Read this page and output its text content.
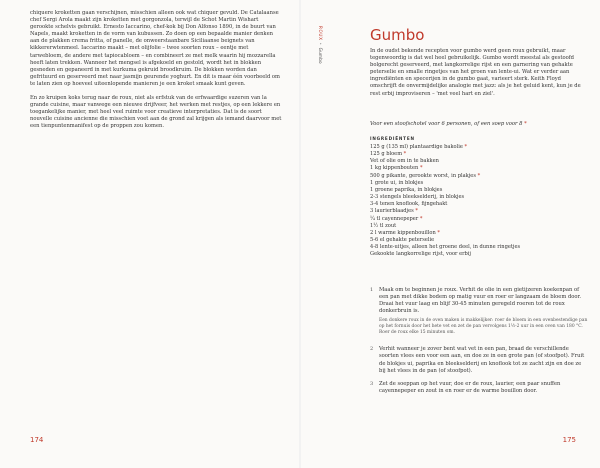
chiquere kroketten gaan verschijnen, misschien alleen ook wat chiquer gevuld. De Catalaanse chef Sergi Arola maakt zijn kroketten met gorgonzola, terwijl de Schot Martin Wishart gerookte schelvis gebruikt. Ernesto Iaccarino, chef-kok bij Don Alfonso 1890, in de buurt van Napels, maakt kroketten in de vorm van kubussen. Zo doen op een bepaalde manier denken aan de plakken crema fritta, of panelle, de onweerstaanbare Siciliaanse beignets van kikkererwtenmeel. Iaccarino maakt – met olijfolie – twee soorten roux – eentje met tarwebloem, de andere met tapiocabloem – en combineert ze met melk waarin hij mozzarella heeft laten trekken. Wanneer het mengsel is afgekoeld en gestold, wordt het in blokken gesneden en gepaneerd in met kurkuma gekruid broodkruim. De blokken worden dan gefrituurd en geserveerd met naar jasmijn geurende yoghurt. En dit is maar één voorbeeld om te laten zien op hoeveel uiteenlopende manieren je een kroket smaak kunt geven.

En zo kruipen koks terug naar de roux, niet als erfstuk van de erfwaardige suzeren van la grande cuisine, maar vanwege een nieuwe drijfveer, het werken met restjes, op een lekkere en toegankelijke manier, met heel veel ruimte voor creatieve interpretaties. Dat is de soort nouvelle cuisine ancienne die misschien voet aan de grond zal krijgen als iemand daarvoor met een tienpuntenmanifest op de proppen zou komen.

174
ROUX•Gumbo
Gumbo

In de oudst bekende recepten voor gumbo werd geen roux gebruikt, maar tegenwoordig is dat wel heel gebruikelijk. Gumbo wordt meestal als gestoofd bolgerecht geserveerd, met langkorrelige rijst en een garnering van gehakte peterselie en smalle ringetjes van het groen van lente-ui. Wat er verder aan ingrediënten en specerijen in de gumbo gaat, varieert sterk. Keith Floyd omschrijft de onvermijdelijke analogie met jazz: als je het geluid kent, kun je de rest erbij improviseren – 'met veel hart en ziel'.

Voor een stoofschotel voor 6 personen, of een soep voor 8 *

INGREDIËNTEN
125 g (135 ml) plantaardige bakolie *
125 g bloem *
Vet of olie om in te bakken
1 kg kippenbouten *
500 g pikante, gerookte worst, in plakjes *
1 grote ui, in blokjes
1 groene paprika, in blokjes
2-3 stengels bleekselderij, in blokjes
3-4 tenen knoflook, fijngehakt
3 laurierblaadjes *
¼ tl cayennepeper *
1½ tl zout
2 l warme kippenbouillon *
5-6 el gehakte peterselie
4-8 lente-uitjes, alleen het groene deel, in dunne ringetjes
Gekookte langkorrelige rijst, voor erbij
1 Maak om te beginnen je roux. Verhit de olie in een gietijzeren koekenpan of een pan met dikke bodem op matig vuur en roer er langzaam de bloem door. Draai het vuur laag en blijf 30-45 minuten geregeld roeren tot de roux donkerbruin is.
Een donkere roux in de oven maken is makkelijker: roer de bloem in een ovenbestendige pan op het fornuis door het hete vet en zet de pan vervolgens 1½-2 uur in een oven van 180 °C. Roer de roux elke 15 minuten om.
2 Verhit wanneer je zover bent wat vet in een pan, braad de verschillende soorten vlees een voor een aan, en doe ze in een grote pan (of stoofpot). Fruit de blokjes ui, paprika en bleekselderij en knoflook tot ze zacht zijn en doe ze bij het vlees in de pan (of stoofpot).
3 Zet de soeppan op het vuur, doe er de roux, laurier, een paar snuffen cayennepeper en zout in en roer er de warme bouillon door.
175
